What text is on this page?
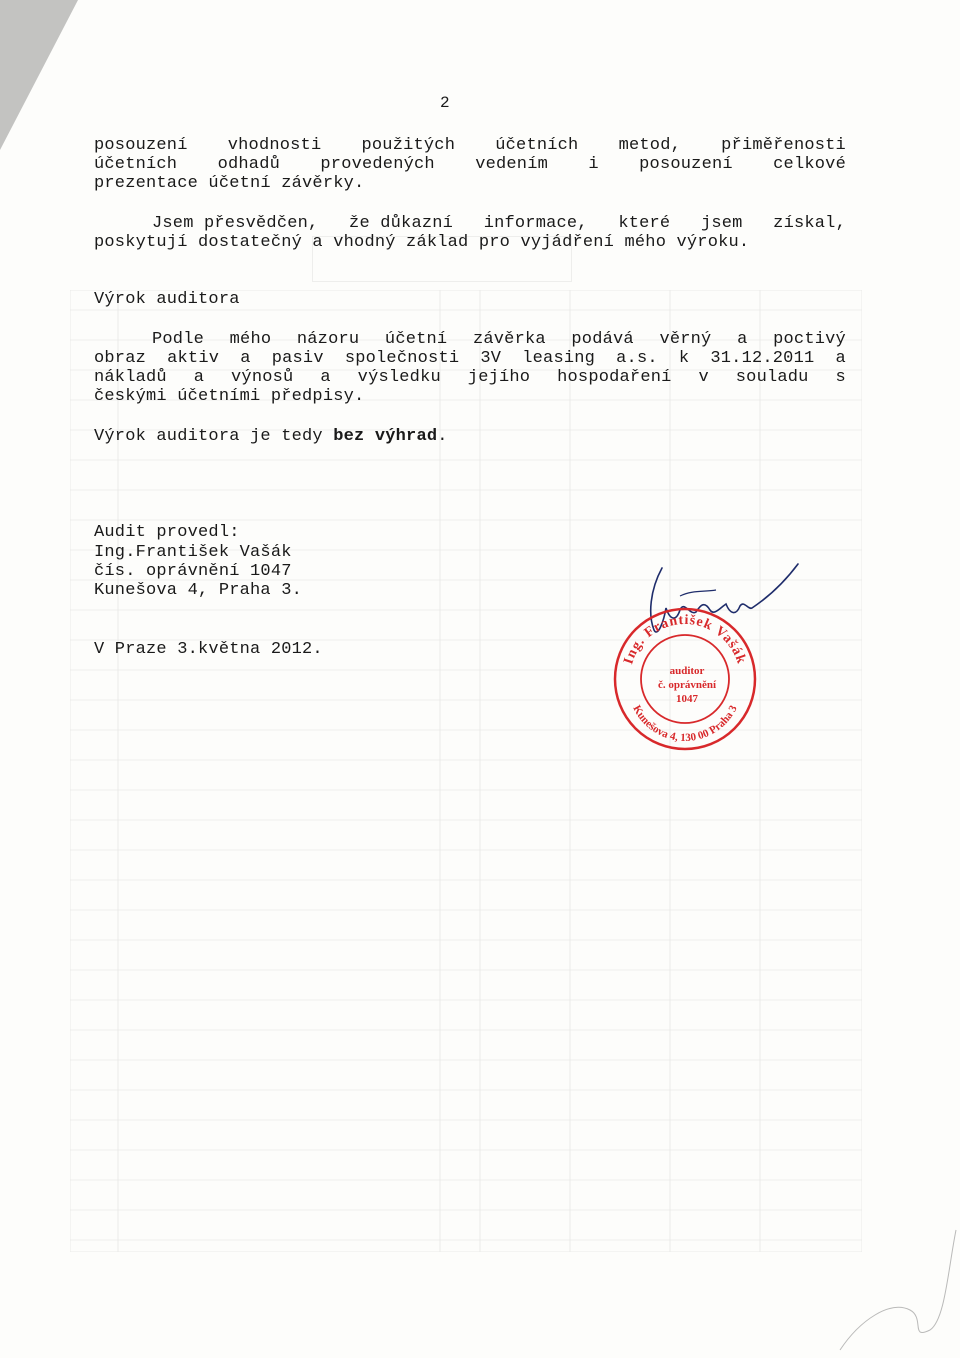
2
posouzení vhodnosti použitých účetních metod, přiměřenosti
účetních odhadů provedených vedením i posouzení celkové
prezentace účetní závěrky.
Jsem přesvědčen, že důkazní informace, které jsem získal,
poskytují dostatečný a vhodný základ pro vyjádření mého výroku.
Výrok auditora
Podle mého názoru účetní závěrka podává věrný a poctivý
obraz aktiv a pasiv společnosti 3V leasing a.s. k 31.12.2011 a
nákladů a výnosů a výsledku jejího hospodaření v souladu s
českými účetními předpisy.
Výrok auditora je tedy bez výhrad.
Audit provedl:
Ing.František Vašák
čís. oprávnění 1047
Kunešova 4, Praha 3.
V Praze 3.května 2012.
Ing. František Vašák
Kunešova 4, 130 00 Praha 3
auditor
č. oprávnění 1047
